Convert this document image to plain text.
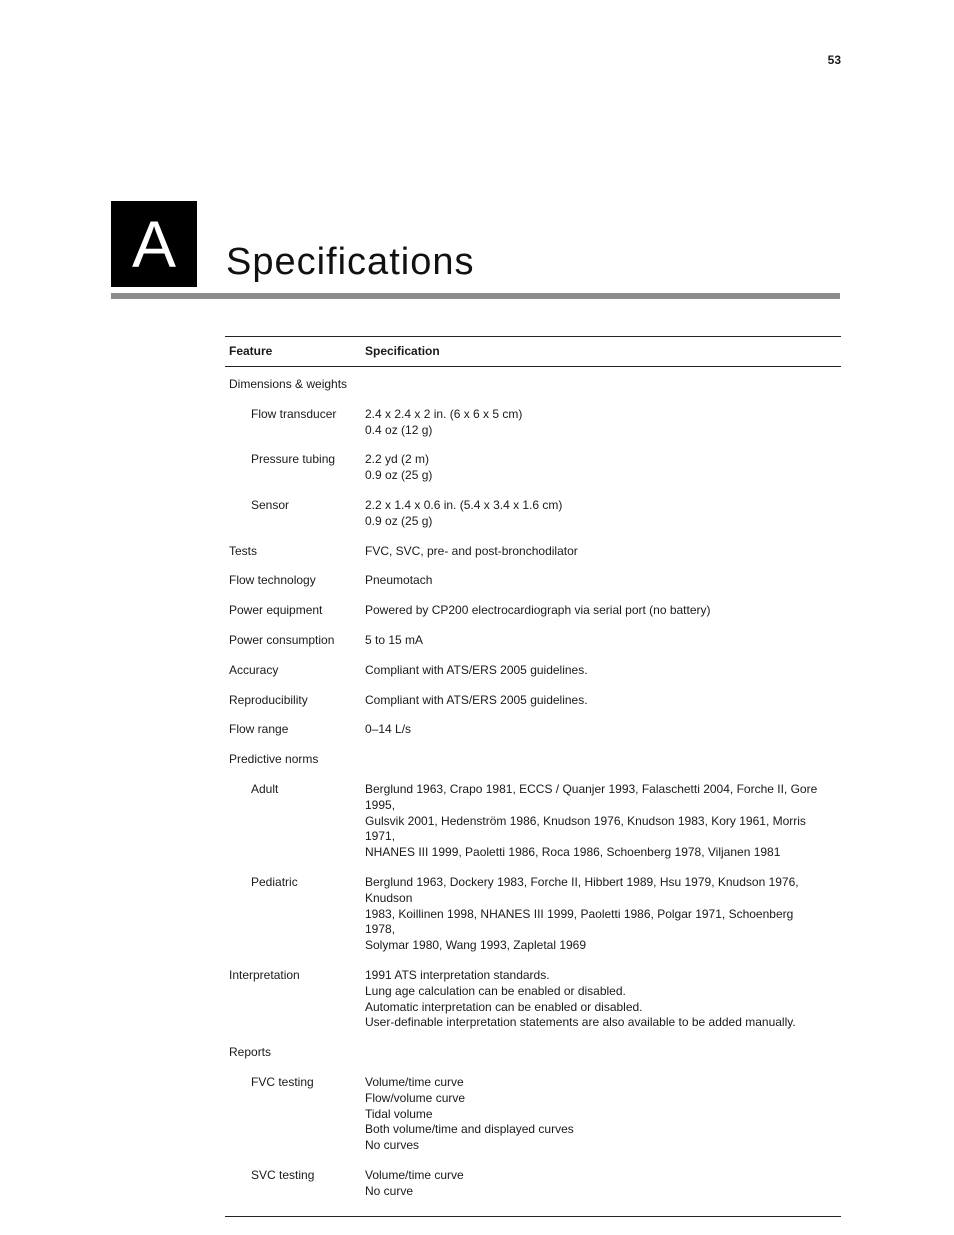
53
A	Specifications
Feature	Specification
Dimensions & weights
Flow transducer	2.4 x 2.4 x 2 in. (6 x 6 x 5 cm)
0.4 oz (12 g)
Pressure tubing	2.2 yd (2 m)
0.9 oz (25 g)
Sensor	2.2 x 1.4 x 0.6 in. (5.4 x 3.4 x 1.6 cm)
0.9 oz (25 g)
Tests	FVC, SVC, pre- and post-bronchodilator
Flow technology	Pneumotach
Power equipment	Powered by CP200 electrocardiograph via serial port (no battery)
Power consumption	5 to 15 mA
Accuracy	Compliant with ATS/ERS 2005 guidelines.
Reproducibility	Compliant with ATS/ERS 2005 guidelines.
Flow range	0–14 L/s
Predictive norms
Adult	Berglund 1963, Crapo 1981, ECCS / Quanjer 1993, Falaschetti 2004, Forche II, Gore 1995,
Gulsvik 2001, Hedenström 1986, Knudson 1976, Knudson 1983, Kory 1961, Morris 1971,
NHANES III 1999, Paoletti 1986, Roca 1986, Schoenberg 1978, Viljanen 1981
Pediatric	Berglund 1963, Dockery 1983, Forche II, Hibbert 1989, Hsu 1979, Knudson 1976, Knudson
1983, Koillinen 1998, NHANES III 1999, Paoletti 1986, Polgar 1971, Schoenberg 1978,
Solymar 1980, Wang 1993, Zapletal 1969
Interpretation	1991 ATS interpretation standards.
Lung age calculation can be enabled or disabled.
Automatic interpretation can be enabled or disabled.
User-definable interpretation statements are also available to be added manually.
Reports
FVC testing	Volume/time curve
Flow/volume curve
Tidal volume
Both volume/time and displayed curves
No curves
SVC testing	Volume/time curve
No curve
